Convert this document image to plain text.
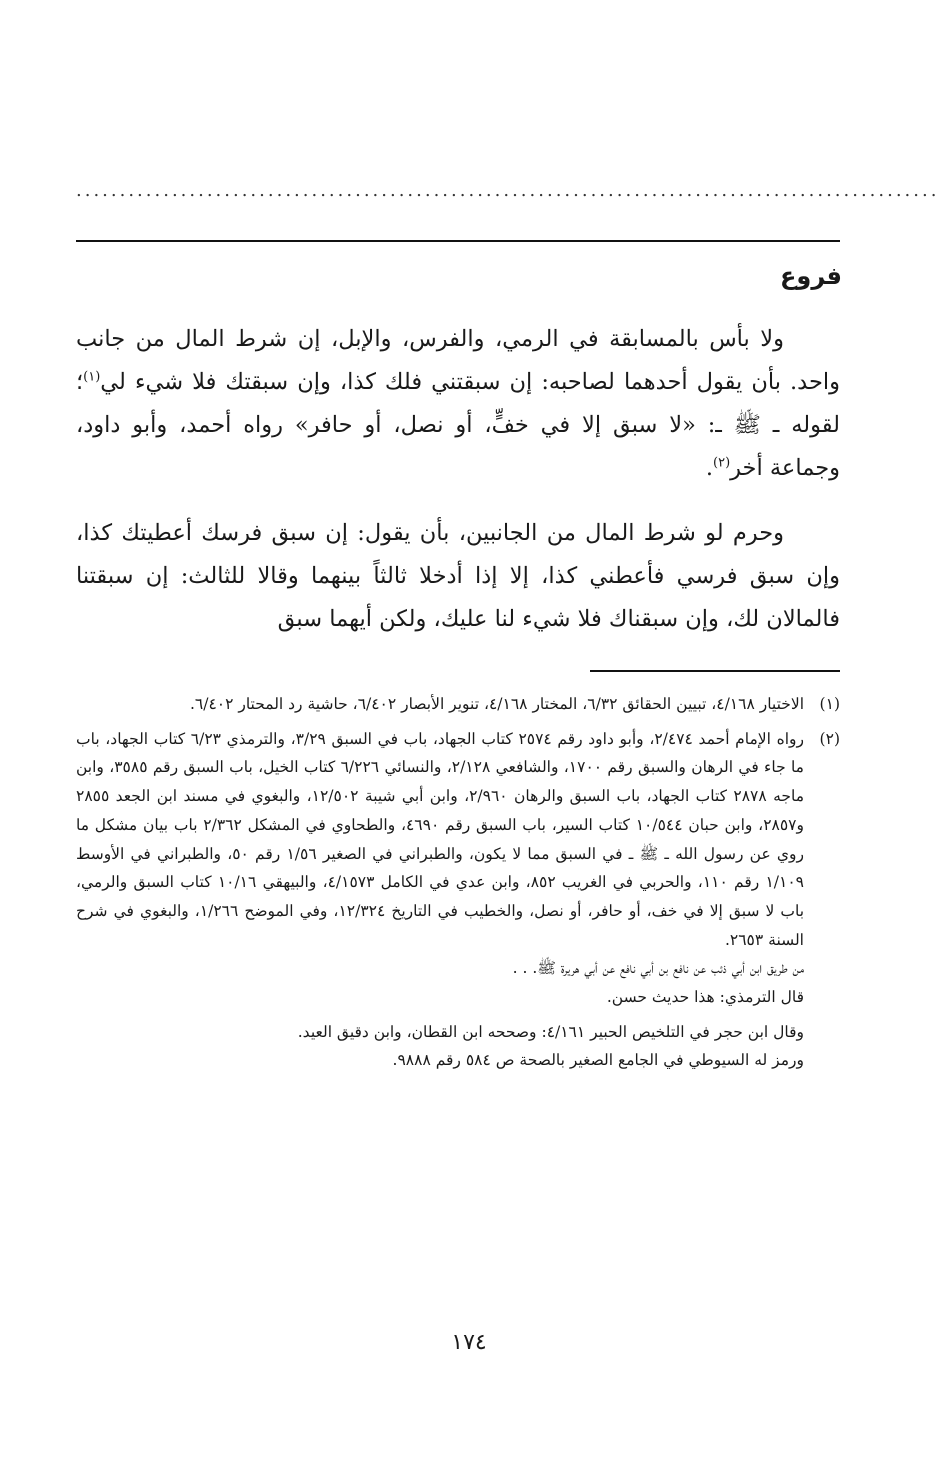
...................................................................................................
فروع

ولا بأس بالمسابقة في الرمي، والفرس، والإبل، إن شرط المال من جانب واحد. بأن يقول أحدهما لصاحبه: إن سبقتني فلك كذا، وإن سبقتك فلا شيء لي$^{(١)}$؛ لقوله ـ ﷺ ـ: «لا سبق إلا في خفٍّ، أو نصل، أو حافر» رواه أحمد، وأبو داود، وجماعة أخر$^{(٢)}$.

وحرم لو شرط المال من الجانبين، بأن يقول: إن سبق فرسك أعطيتك كذا، وإن سبق فرسي فأعطني كذا، إلا إذا أدخلا ثالثاً بينهما وقالا للثالث: إن سبقتنا فالمالان لك، وإن سبقناك فلا شيء لنا عليك، ولكن أيهما سبق

(١)
الاختيار ٤/١٦٨، تبيين الحقائق ٦/٣٢، المختار ٤/١٦٨، تنوير الأبصار ٦/٤٠٢، حاشية رد المحتار ٦/٤٠٢.
(٢)
رواه الإمام أحمد ٢/٤٧٤، وأبو داود رقم ٢٥٧٤ كتاب الجهاد، باب في السبق ٣/٢٩، والترمذي ٦/٢٣ كتاب الجهاد، باب ما جاء في الرهان والسبق رقم ١٧٠٠، والشافعي ٢/١٢٨، والنسائي ٦/٢٢٦ كتاب الخيل، باب السبق رقم ٣٥٨٥، وابن ماجه ٢٨٧٨ كتاب الجهاد، باب السبق والرهان ٢/٩٦٠، وابن أبي شيبة ١٢/٥٠٢، والبغوي في مسند ابن الجعد ٢٨٥٥ و٢٨٥٧، وابن حبان ١٠/٥٤٤ كتاب السير، باب السبق رقم ٤٦٩٠، والطحاوي في المشكل ٢/٣٦٢ باب بيان مشكل ما روي عن رسول الله ـ ﷺ ـ في السبق مما لا يكون، والطبراني في الصغير ١/٥٦ رقم ٥٠، والطبراني في الأوسط ١/١٠٩ رقم ١١٠، والحربي في الغريب ٨٥٢، وابن عدي في الكامل ٤/١٥٧٣، والبيهقي ١٠/١٦ كتاب السبق والرمي، باب لا سبق إلا في خف، أو حافر، أو نصل، والخطيب في التاريخ ١٢/٣٢٤، وفي الموضح ١/٢٦٦، والبغوي في شرح السنة ٢٦٥٣.

من طريق ابن أبي ذئب عن نافع بن أبي نافع عن أبي هريرة ﷺ. . .

قال الترمذي: هذا حديث حسن.

وقال ابن حجر في التلخيص الحبير ٤/١٦١: وصححه ابن القطان، وابن دقيق العيد.

ورمز له السيوطي في الجامع الصغير بالصحة ص ٥٨٤ رقم ٩٨٨٨.

١٧٤
